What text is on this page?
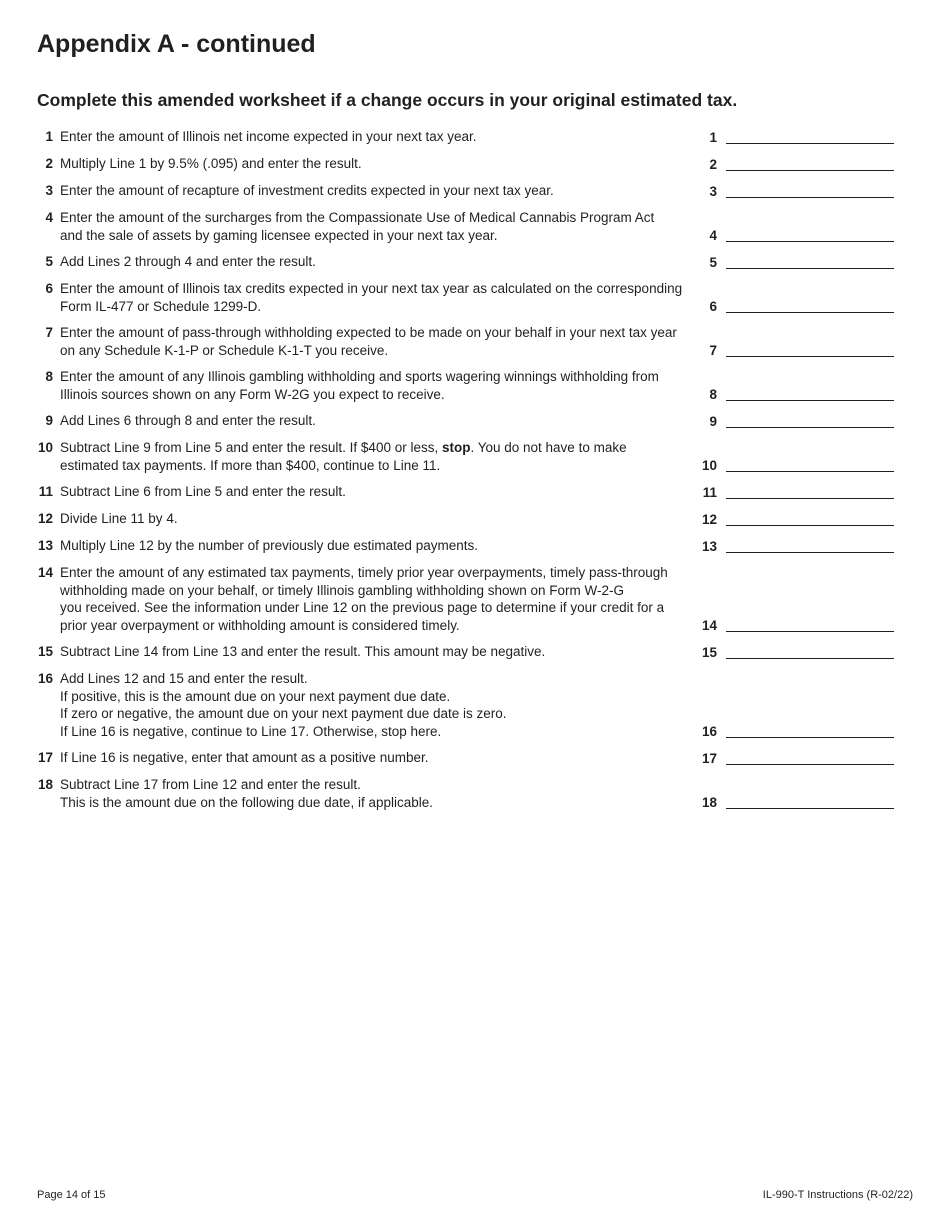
Appendix A - continued
Complete this amended worksheet if a change occurs in your original estimated tax.
1 Enter the amount of Illinois net income expected in your next tax year.	1
2 Multiply Line 1 by 9.5% (.095) and enter the result.	2
3 Enter the amount of recapture of investment credits expected in your next tax year.	3
4 Enter the amount of the surcharges from the Compassionate Use of Medical Cannabis Program Act
and the sale of assets by gaming licensee expected in your next tax year.	4
5 Add Lines 2 through 4 and enter the result.	5
6 Enter the amount of Illinois tax credits expected in your next tax year as calculated on the corresponding
Form IL-477 or Schedule 1299-D.	6
7 Enter the amount of pass-through withholding expected to be made on your behalf in your next tax year
on any Schedule K-1-P or Schedule K-1-T you receive.	7
8 Enter the amount of any Illinois gambling withholding and sports wagering winnings withholding from
Illinois sources shown on any Form W-2G you expect to receive.	8
9 Add Lines 6 through 8 and enter the result.	9
10 Subtract Line 9 from Line 5 and enter the result. If $400 or less, stop. You do not have to make
estimated tax payments. If more than $400, continue to Line 11.	10
11 Subtract Line 6 from Line 5 and enter the result.	11
12 Divide Line 11 by 4.	12
13 Multiply Line 12 by the number of previously due estimated payments.	13
14 Enter the amount of any estimated tax payments, timely prior year overpayments, timely pass-through
withholding made on your behalf, or timely Illinois gambling withholding shown on Form W-2-G
you received. See the information under Line 12 on the previous page to determine if your credit for a
prior year overpayment or withholding amount is considered timely.	14
15 Subtract Line 14 from Line 13 and enter the result. This amount may be negative.	15
16 Add Lines 12 and 15 and enter the result.
If positive, this is the amount due on your next payment due date.
If zero or negative, the amount due on your next payment due date is zero.
If Line 16 is negative, continue to Line 17. Otherwise, stop here.	16
17 If Line 16 is negative, enter that amount as a positive number.	17
18 Subtract Line 17 from Line 12 and enter the result.
This is the amount due on the following due date, if applicable.	18
Page 14 of 15	IL-990-T Instructions (R-02/22)
